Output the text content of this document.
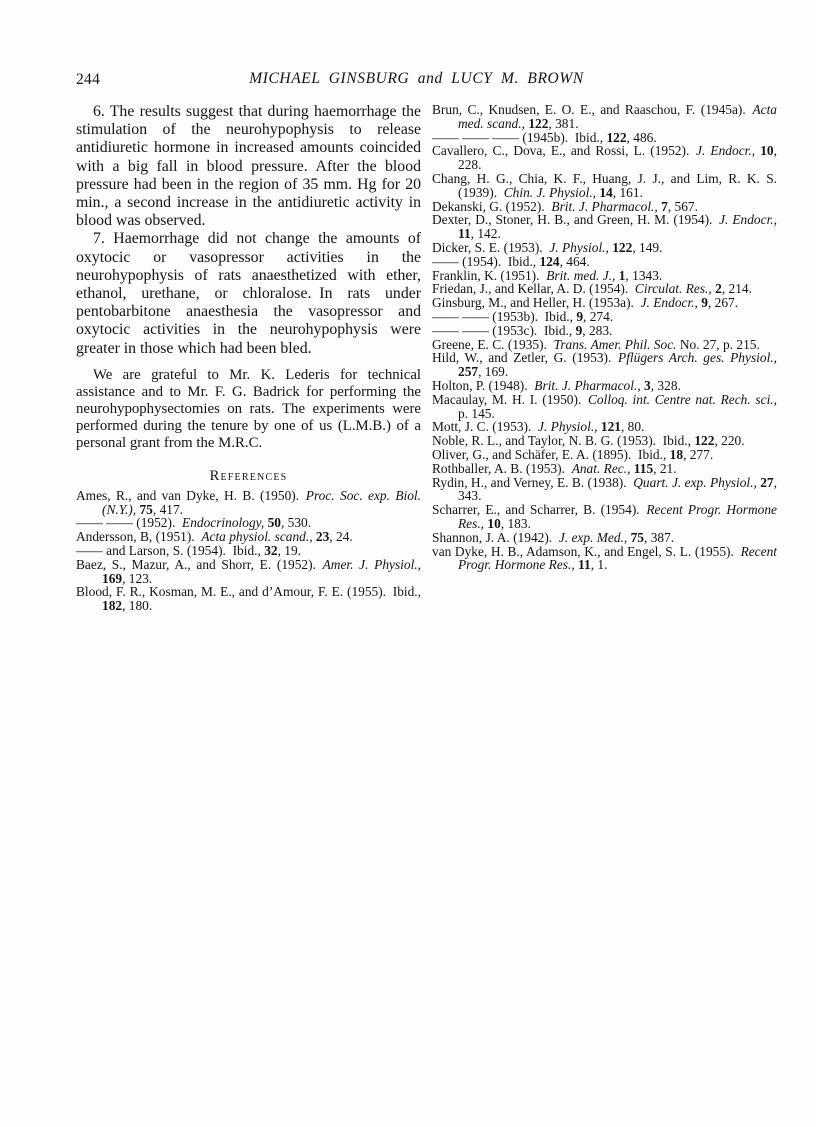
244	MICHAEL GINSBURG and LUCY M. BROWN

6. The results suggest that during haemorrhage the stimulation of the neurohypophysis to release antidiuretic hormone in increased amounts coincided with a big fall in blood pressure. After the blood pressure had been in the region of 35 mm. Hg for 20 min., a second increase in the antidiuretic activity in blood was observed.

7. Haemorrhage did not change the amounts of oxytocic or vasopressor activities in the neurohypophysis of rats anaesthetized with ether, ethanol, urethane, or chloralose. In rats under pentobarbitone anaesthesia the vasopressor and oxytocic activities in the neurohypophysis were greater in those which had been bled.

We are grateful to Mr. K. Lederis for technical assistance and to Mr. F. G. Badrick for performing the neurohypophysectomies on rats. The experiments were performed during the tenure by one of us (L.M.B.) of a personal grant from the M.R.C.

References

Ames, R., and van Dyke, H. B. (1950). Proc. Soc. exp. Biol. (N.Y.), 75, 417.

—— —— (1952). Endocrinology, 50, 530.

Andersson, B, (1951). Acta physiol. scand., 23, 24.

—— and Larson, S. (1954). Ibid., 32, 19.

Baez, S., Mazur, A., and Shorr, E. (1952). Amer. J. Physiol., 169, 123.

Blood, F. R., Kosman, M. E., and d’Amour, F. E. (1955). Ibid., 182, 180.

Brun, C., Knudsen, E. O. E., and Raaschou, F. (1945a). Acta med. scand., 122, 381.

—— —— —— (1945b). Ibid., 122, 486.

Cavallero, C., Dova, E., and Rossi, L. (1952). J. Endocr., 10, 228.

Chang, H. G., Chia, K. F., Huang, J. J., and Lim, R. K. S. (1939). Chin. J. Physiol., 14, 161.

Dekanski, G. (1952). Brit. J. Pharmacol., 7, 567.

Dexter, D., Stoner, H. B., and Green, H. M. (1954). J. Endocr., 11, 142.

Dicker, S. E. (1953). J. Physiol., 122, 149.

—— (1954). Ibid., 124, 464.

Franklin, K. (1951). Brit. med. J., 1, 1343.

Friedan, J., and Kellar, A. D. (1954). Circulat. Res., 2, 214.

Ginsburg, M., and Heller, H. (1953a). J. Endocr., 9, 267.

—— —— (1953b). Ibid., 9, 274.

—— —— (1953c). Ibid., 9, 283.

Greene, E. C. (1935). Trans. Amer. Phil. Soc. No. 27, p. 215.

Hild, W., and Zetler, G. (1953). Pflügers Arch. ges. Physiol., 257, 169.

Holton, P. (1948). Brit. J. Pharmacol., 3, 328.

Macaulay, M. H. I. (1950). Colloq. int. Centre nat. Rech. sci., p. 145.

Mott, J. C. (1953). J. Physiol., 121, 80.

Noble, R. L., and Taylor, N. B. G. (1953). Ibid., 122, 220.

Oliver, G., and Schäfer, E. A. (1895). Ibid., 18, 277.

Rothballer, A. B. (1953). Anat. Rec., 115, 21.

Rydin, H., and Verney, E. B. (1938). Quart. J. exp. Physiol., 27, 343.

Scharrer, E., and Scharrer, B. (1954). Recent Progr. Hormone Res., 10, 183.

Shannon, J. A. (1942). J. exp. Med., 75, 387.

van Dyke, H. B., Adamson, K., and Engel, S. L. (1955). Recent Progr. Hormone Res., 11, 1.
